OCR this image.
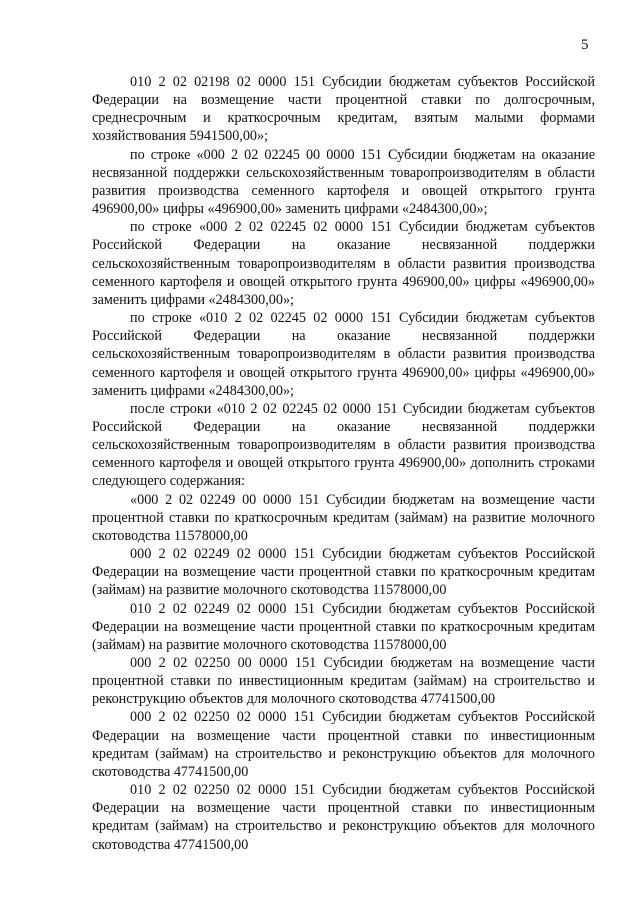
5

010 2 02 02198 02 0000 151 Субсидии бюджетам субъектов Российской Федерации на возмещение части процентной ставки по долгосрочным, среднесрочным и краткосрочным кредитам, взятым малыми формами хозяйствования 5941500,00»;

по строке «000 2 02 02245 00 0000 151 Субсидии бюджетам на оказание несвязанной поддержки сельскохозяйственным товаропроизводителям в области развития производства семенного картофеля и овощей открытого грунта 496900,00» цифры «496900,00» заменить цифрами «2484300,00»;

по строке «000 2 02 02245 02 0000 151 Субсидии бюджетам субъектов Российской Федерации на оказание несвязанной поддержки сельскохозяйственным товаропроизводителям в области развития производства семенного картофеля и овощей открытого грунта 496900,00» цифры «496900,00» заменить цифрами «2484300,00»;

по строке «010 2 02 02245 02 0000 151 Субсидии бюджетам субъектов Российской Федерации на оказание несвязанной поддержки сельскохозяйственным товаропроизводителям в области развития производства семенного картофеля и овощей открытого грунта 496900,00» цифры «496900,00» заменить цифрами «2484300,00»;

после строки «010 2 02 02245 02 0000 151 Субсидии бюджетам субъектов Российской Федерации на оказание несвязанной поддержки сельскохозяйственным товаропроизводителям в области развития производства семенного картофеля и овощей открытого грунта 496900,00» дополнить строками следующего содержания:

«000 2 02 02249 00 0000 151 Субсидии бюджетам на возмещение части процентной ставки по краткосрочным кредитам (займам) на развитие молочного скотоводства 11578000,00

000 2 02 02249 02 0000 151 Субсидии бюджетам субъектов Российской Федерации на возмещение части процентной ставки по краткосрочным кредитам (займам) на развитие молочного скотоводства 11578000,00

010 2 02 02249 02 0000 151 Субсидии бюджетам субъектов Российской Федерации на возмещение части процентной ставки по краткосрочным кредитам (займам) на развитие молочного скотоводства 11578000,00

000 2 02 02250 00 0000 151 Субсидии бюджетам на возмещение части процентной ставки по инвестиционным кредитам (займам) на строительство и реконструкцию объектов для молочного скотоводства 47741500,00

000 2 02 02250 02 0000 151 Субсидии бюджетам субъектов Российской Федерации на возмещение части процентной ставки по инвестиционным кредитам (займам) на строительство и реконструкцию объектов для молочного скотоводства 47741500,00

010 2 02 02250 02 0000 151 Субсидии бюджетам субъектов Российской Федерации на возмещение части процентной ставки по инвестиционным кредитам (займам) на строительство и реконструкцию объектов для молочного скотоводства 47741500,00
